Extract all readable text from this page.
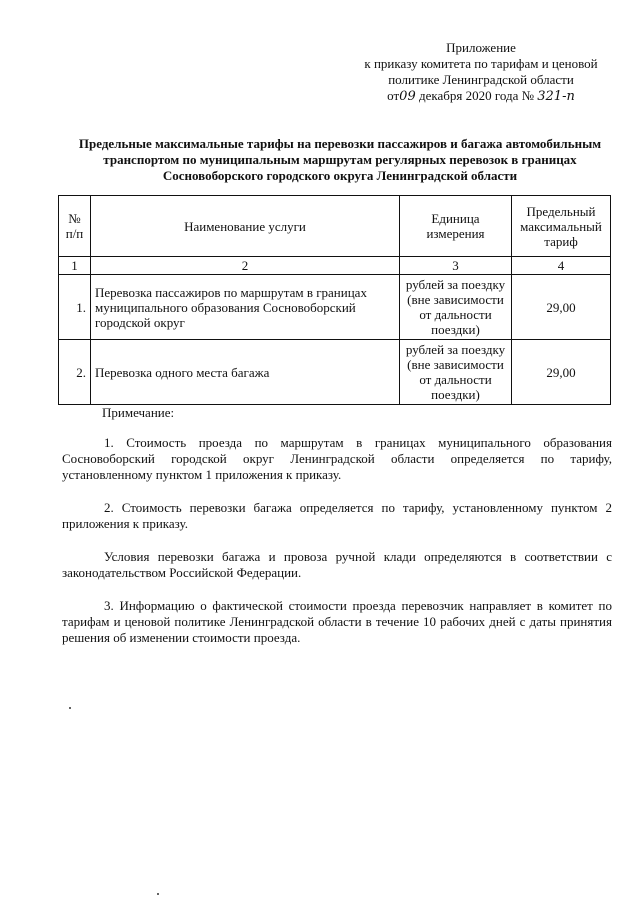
Приложение
к приказу комитета по тарифам и ценовой
политике Ленинградской области
от09 декабря 2020 года № 321-п
Предельные максимальные тарифы на перевозки пассажиров и багажа автомобильным транспортом по муниципальным маршрутам регулярных перевозок в границах Сосновоборского городского округа Ленинградской области
№ п/п	Наименование услуги	Единица измерения	Предельный максимальный тариф
1	2	3	4
1.	Перевозка пассажиров по маршрутам в границах муниципального образования Сосновоборский городской округ	рублей за поездку (вне зависимости от дальности поездки)	29,00
2.	Перевозка одного места багажа	рублей за поездку (вне зависимости от дальности поездки)	29,00

Примечание:

1. Стоимость проезда по маршрутам в границах муниципального образования Сосновоборский городской округ Ленинградской области определяется по тарифу, установленному пунктом 1 приложения к приказу.

2. Стоимость перевозки багажа определяется по тарифу, установленному пунктом 2 приложения к приказу.

Условия перевозки багажа и провоза ручной клади определяются в соответствии с законодательством Российской Федерации.

3. Информацию о фактической стоимости проезда перевозчик направляет в комитет по тарифам и ценовой политике Ленинградской области в течение 10 рабочих дней с даты принятия решения об изменении стоимости проезда.
